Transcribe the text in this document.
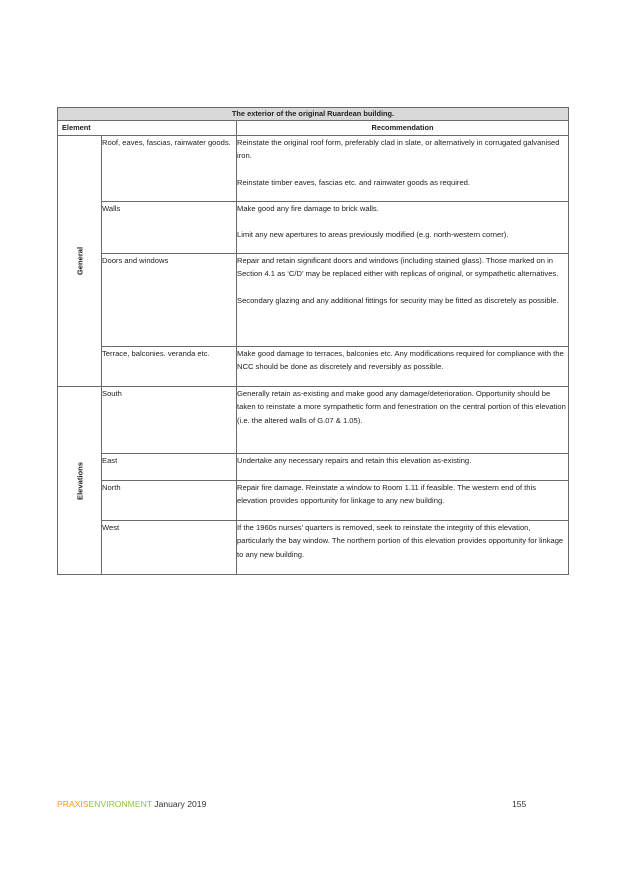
The exterior of the original Ruardean building.		
Element		Recommendation

General	Roof, eaves, fascias, rainwater goods.	Reinstate the original roof form, preferably clad in slate, or alternatively in corrugated galvanised iron.

Reinstate timber eaves, fascias etc. and rainwater goods as required.

	Walls	Make good any fire damage to brick walls.

Limit any new apertures to areas previously modified (e.g. north-western corner).

	Doors and windows	Repair and retain significant doors and windows (including stained glass). Those marked on in Section 4.1 as ‘C/D’ may be replaced either with replicas of original, or sympathetic alternatives.

Secondary glazing and any additional fittings for security may be fitted as discretely as possible.

	Terrace, balconies. veranda etc.	Make good damage to terraces, balconies etc. Any modifications required for compliance with the NCC should be done as discretely and reversibly as possible.

Elevations	South	Generally retain as-existing and make good any damage/deterioration. Opportunity should be taken to reinstate a more sympathetic form and fenestration on the central portion of this elevation (i.e. the altered walls of G.07 & 1.05).

	East	Undertake any necessary repairs and retain this elevation as-existing.

	North	Repair fire damage. Reinstate a window to Room 1.11 if feasible. The western end of this elevation provides opportunity for linkage to any new building.

	West	If the 1960s nurses’ quarters is removed, seek to reinstate the integrity of this elevation, particularly the bay window. The northern portion of this elevation provides opportunity for linkage to any new building.

PRAXISENVIRONMENT January 2019	155
